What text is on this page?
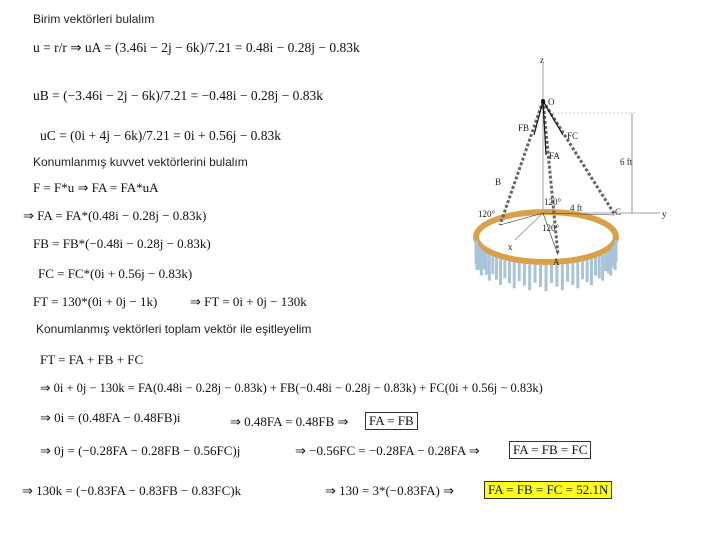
Birim vektörleri bulalım
u = r/r ⇒ uA = (3.46i − 2j − 6k)/7.21 = 0.48i − 0.28j − 0.83k
uB = (−3.46i − 2j − 6k)/7.21 = −0.48i − 0.28j − 0.83k
uC = (0i + 4j − 6k)/7.21 = 0i + 0.56j − 0.83k
Konumlanmış kuvvet vektörlerini bulalım
F = F*u ⇒ FA = FA*uA
⇒ FA = FA*(0.48i − 0.28j − 0.83k)
FB = FB*(−0.48i − 0.28j − 0.83k)
FC = FC*(0i + 0.56j − 0.83k)
FT = 130*(0i + 0j − 1k)	⇒ FT = 0i + 0j − 130k
Konumlanmış vektörleri toplam vektör ile eşitleyelim
FT = FA + FB + FC
⇒ 0i + 0j − 130k = FA(0.48i − 0.28j − 0.83k) + FB(−0.48i − 0.28j − 0.83k) + FC(0i + 0.56j − 0.83k)
⇒ 0i = (0.48FA − 0.48FB)i	⇒ 0.48FA = 0.48FB ⇒	FA = FB
⇒ 0j = (−0.28FA − 0.28FB − 0.56FC)j	⇒ −0.56FC = −0.28FA − 0.28FA ⇒	FA = FB = FC
⇒ 130k = (−0.83FA − 0.83FB − 0.83FC)k	⇒ 130 = 3*(−0.83FA) ⇒	FA = FB = FC = 52.1N
z
O
FB
FC
FA
B
C
A
x
y
6 ft
4 ft
120°
120°
120°
